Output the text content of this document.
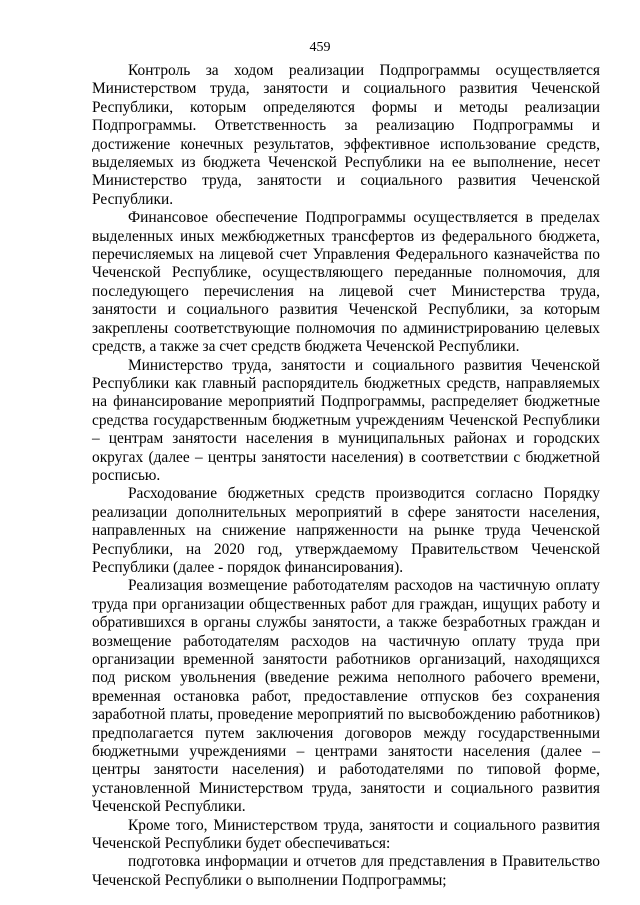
459

Контроль за ходом реализации Подпрограммы осуществляется Министерством труда, занятости и социального развития Чеченской Республики, которым определяются формы и методы реализации Подпрограммы. Ответственность за реализацию Подпрограммы и достижение конечных результатов, эффективное использование средств, выделяемых из бюджета Чеченской Республики на ее выполнение, несет Министерство труда, занятости и социального развития Чеченской Республики.

Финансовое обеспечение Подпрограммы осуществляется в пределах выделенных иных межбюджетных трансфертов из федерального бюджета, перечисляемых на лицевой счет Управления Федерального казначейства по Чеченской Республике, осуществляющего переданные полномочия, для последующего перечисления на лицевой счет Министерства труда, занятости и социального развития Чеченской Республики, за которым закреплены соответствующие полномочия по администрированию целевых средств, а также за счет средств бюджета Чеченской Республики.

Министерство труда, занятости и социального развития Чеченской Республики как главный распорядитель бюджетных средств, направляемых на финансирование мероприятий Подпрограммы, распределяет бюджетные средства государственным бюджетным учреждениям Чеченской Республики – центрам занятости населения в муниципальных районах и городских округах (далее – центры занятости населения) в соответствии с бюджетной росписью.

Расходование бюджетных средств производится согласно Порядку реализации дополнительных мероприятий в сфере занятости населения, направленных на снижение напряженности на рынке труда Чеченской Республики, на 2020 год, утверждаемому Правительством Чеченской Республики (далее - порядок финансирования).

Реализация возмещение работодателям расходов на частичную оплату труда при организации общественных работ для граждан, ищущих работу и обратившихся в органы службы занятости, а также безработных граждан и возмещение работодателям расходов на частичную оплату труда при организации временной занятости работников организаций, находящихся под риском увольнения (введение режима неполного рабочего времени, временная остановка работ, предоставление отпусков без сохранения заработной платы, проведение мероприятий по высвобождению работников) предполагается путем заключения договоров между государственными бюджетными учреждениями – центрами занятости населения (далее – центры занятости населения) и работодателями по типовой форме, установленной Министерством труда, занятости и социального развития Чеченской Республики.

Кроме того, Министерством труда, занятости и социального развития Чеченской Республики будет обеспечиваться:

подготовка информации и отчетов для представления в Правительство Чеченской Республики о выполнении Подпрограммы;
